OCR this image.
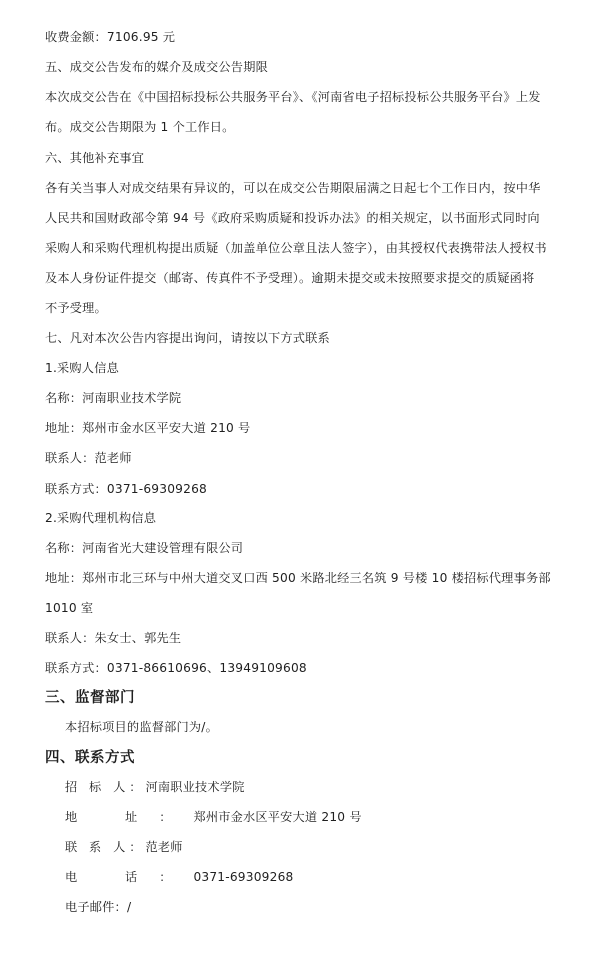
收费金额：7106.95 元
五、成交公告发布的媒介及成交公告期限
本次成交公告在《中国招标投标公共服务平台》、《河南省电子招标投标公共服务平台》上发
布。成交公告期限为 1 个工作日。
六、其他补充事宜
各有关当事人对成交结果有异议的，可以在成交公告期限届满之日起七个工作日内，按中华
人民共和国财政部令第 94 号《政府采购质疑和投诉办法》的相关规定，以书面形式同时向
采购人和采购代理机构提出质疑（加盖单位公章且法人签字），由其授权代表携带法人授权书
及本人身份证件提交（邮寄、传真件不予受理）。逾期未提交或未按照要求提交的质疑函将
不予受理。
七、凡对本次公告内容提出询问，请按以下方式联系
1.采购人信息
名称：河南职业技术学院
地址：郑州市金水区平安大道 210 号
联系人：范老师
联系方式：0371-69309268
2.采购代理机构信息
名称：河南省光大建设管理有限公司
地址：郑州市北三环与中州大道交叉口西 500 米路北经三名筑 9 号楼 10 楼招标代理事务部
1010 室
联系人：朱女士、郭先生
联系方式：0371-86610696、13949109608
三、监督部门
本招标项目的监督部门为/。
四、联系方式
招 标 人：河南职业技术学院
地 址：郑州市金水区平安大道 210 号
联 系 人：范老师
电 话：0371-69309268
电子邮件：/
